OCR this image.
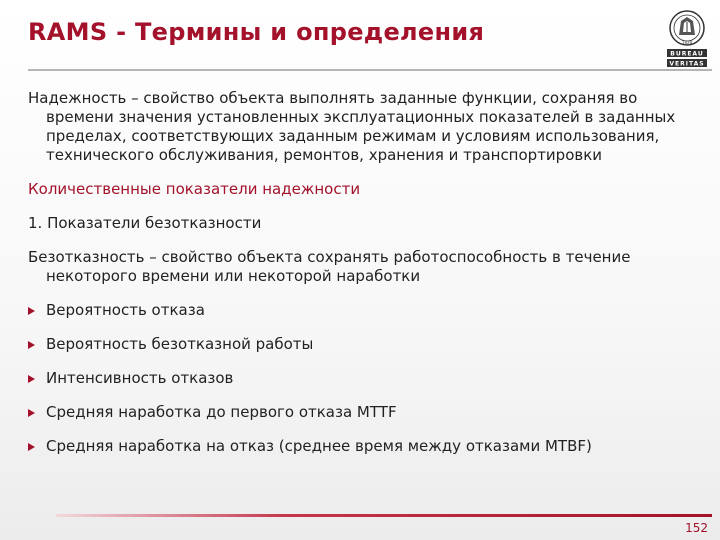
RAMS - Термины и определения	1828
BUREAU
VERITAS

Надежность – свойство объекта выполнять заданные функции, сохраняя во времени значения установленных эксплуатационных показателей в заданных пределах, соответствующих заданным режимам и условиям использования, технического обслуживания, ремонтов, хранения и транспортировки

Количественные показатели надежности

1. Показатели безотказности

Безотказность – свойство объекта сохранять работоспособность в течение некоторого времени или некоторой наработки

Вероятность отказа
Вероятность безотказной работы
Интенсивность отказов
Средняя наработка до первого отказа MTTF
Средняя наработка на отказ (среднее время между отказами MTBF)
152
